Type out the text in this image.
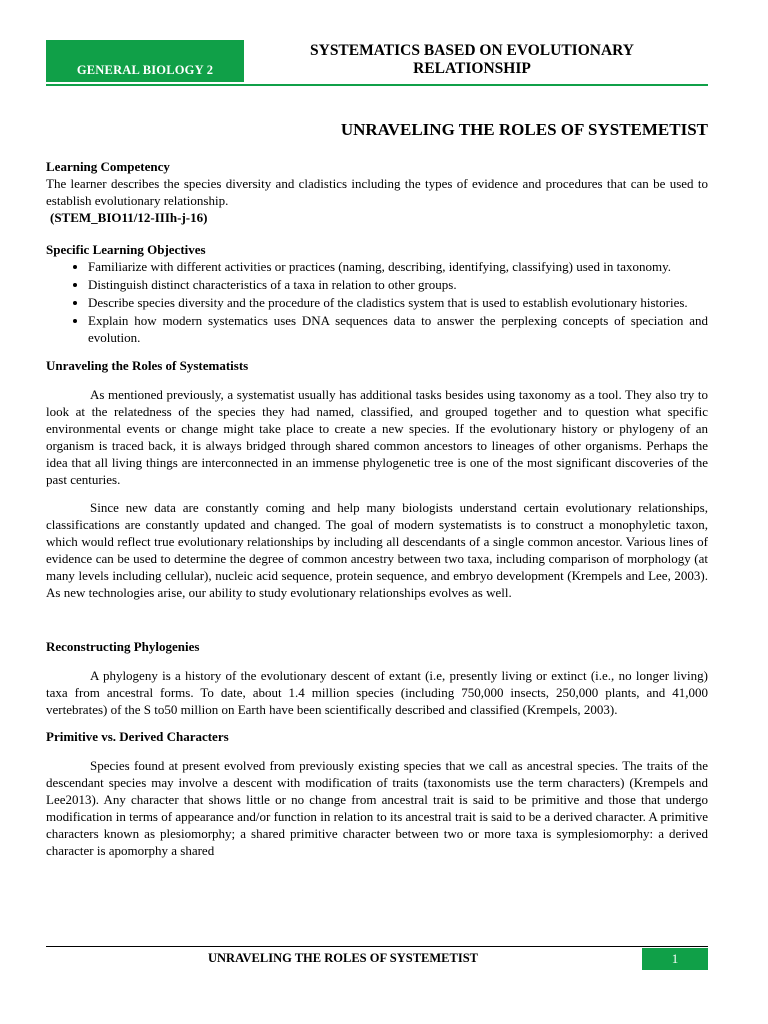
GENERAL BIOLOGY 2
SYSTEMATICS BASED ON EVOLUTIONARY
RELATIONSHIP
UNRAVELING THE ROLES OF SYSTEMETIST

Learning Competency

The learner describes the species diversity and cladistics including the types of evidence and procedures that can be used to establish evolutionary relationship.

(STEM_BIO11/12-IIIh-j-16)

Specific Learning Objectives

• Familiarize with different activities or practices (naming, describing, identifying, classifying) used in taxonomy.
• Distinguish distinct characteristics of a taxa in relation to other groups.
• Describe species diversity and the procedure of the cladistics system that is used to establish evolutionary histories.
• Explain how modern systematics uses DNA sequences data to answer the perplexing concepts of speciation and evolution.

Unraveling the Roles of Systematists

As mentioned previously, a systematist usually has additional tasks besides using taxonomy as a tool. They also try to look at the relatedness of the species they had named, classified, and grouped together and to question what specific environmental events or change might take place to create a new species. If the evolutionary history or phylogeny of an organism is traced back, it is always bridged through shared common ancestors to lineages of other organisms. Perhaps the idea that all living things are interconnected in an immense phylogenetic tree is one of the most significant discoveries of the past centuries.

Since new data are constantly coming and help many biologists understand certain evolutionary relationships, classifications are constantly updated and changed. The goal of modern systematists is to construct a monophyletic taxon, which would reflect true evolutionary relationships by including all descendants of a single common ancestor. Various lines of evidence can be used to determine the degree of common ancestry between two taxa, including comparison of morphology (at many levels including cellular), nucleic acid sequence, protein sequence, and embryo development (Krempels and Lee, 2003). As new technologies arise, our ability to study evolutionary relationships evolves as well.

Reconstructing Phylogenies

A phylogeny is a history of the evolutionary descent of extant (i.e, presently living or extinct (i.e., no longer living) taxa from ancestral forms. To date, about 1.4 million species (including 750,000 insects, 250,000 plants, and 41,000 vertebrates) of the S to50 million on Earth have been scientifically described and classified (Krempels, 2003).

Primitive vs. Derived Characters

Species found at present evolved from previously existing species that we call as ancestral species. The traits of the descendant species may involve a descent with modification of traits (taxonomists use the term characters) (Krempels and Lee2013). Any character that shows little or no change from ancestral trait is said to be primitive and those that undergo modification in terms of appearance and/or function in relation to its ancestral trait is said to be a derived character. A primitive characters known as plesiomorphy; a shared primitive character between two or more taxa is symplesiomorphy: a derived character is apomorphy a shared

UNRAVELING THE ROLES OF SYSTEMETIST	1
